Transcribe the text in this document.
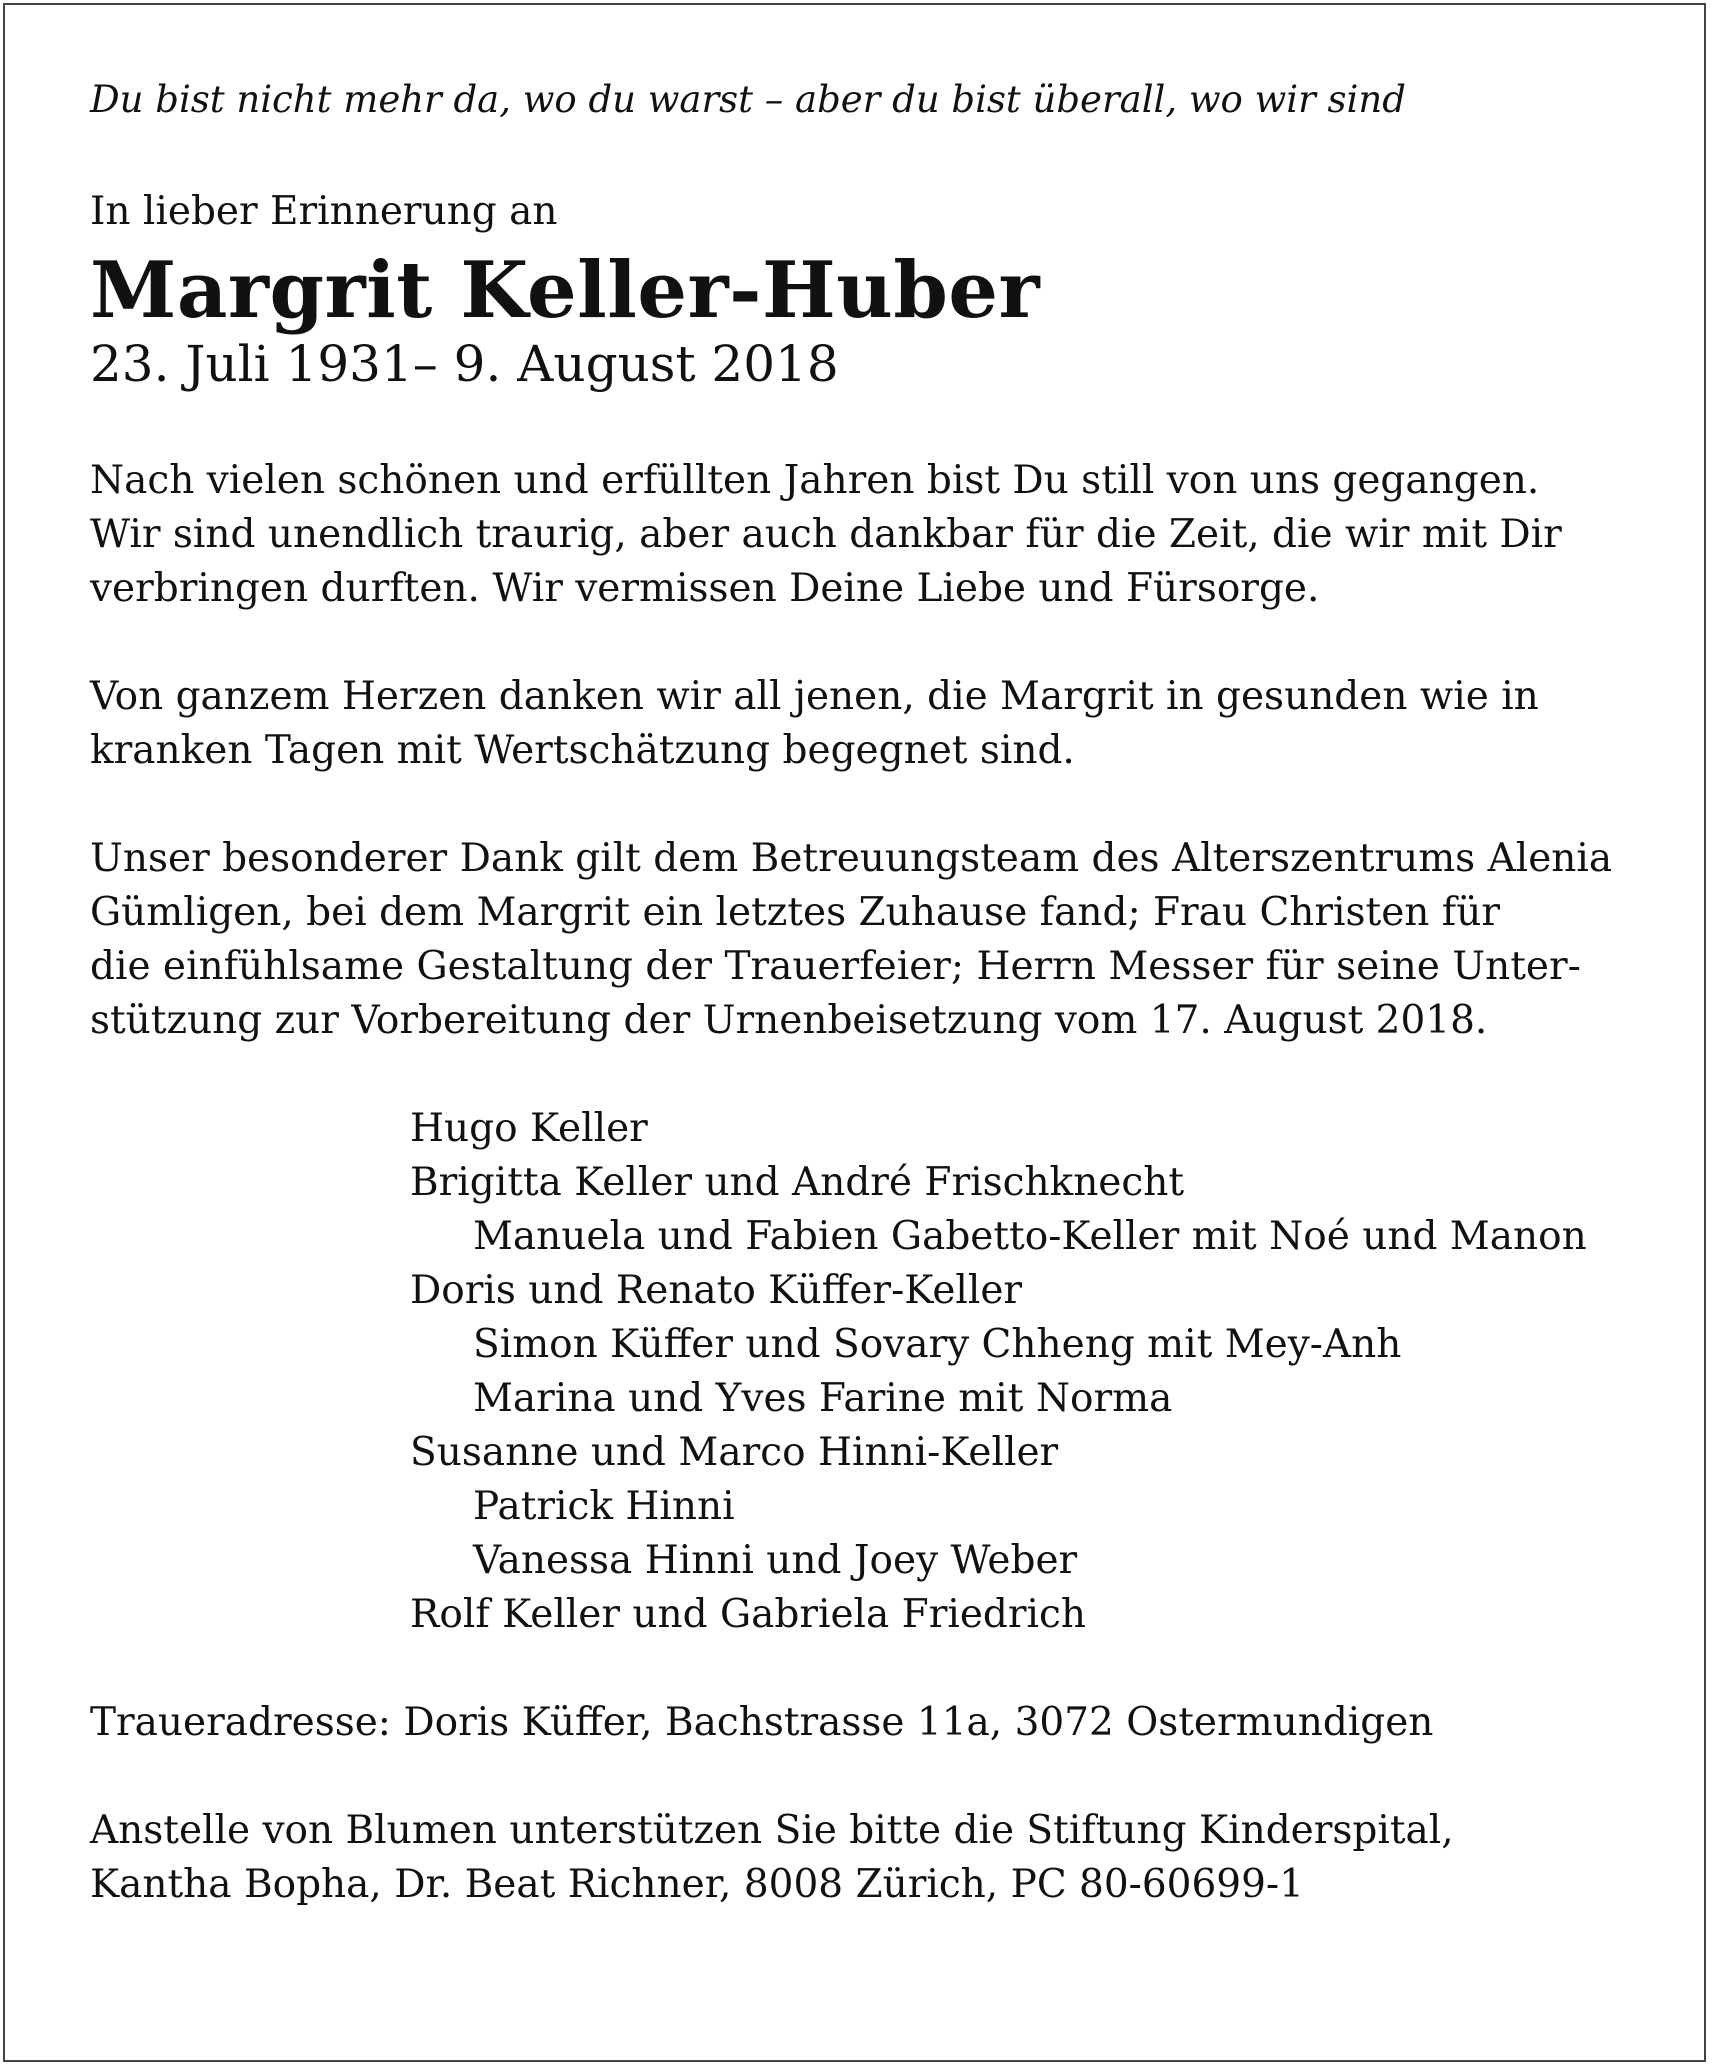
Du bist nicht mehr da, wo du warst – aber du bist überall, wo wir sind

In lieber Erinnerung an

Margrit Keller-Huber

23. Juli 1931– 9. August 2018

Nach vielen schönen und erfüllten Jahren bist Du still von uns gegangen.
Wir sind unendlich traurig, aber auch dankbar für die Zeit, die wir mit Dir
verbringen durften. Wir vermissen Deine Liebe und Fürsorge.

Von ganzem Herzen danken wir all jenen, die Margrit in gesunden wie in
kranken Tagen mit Wertschätzung begegnet sind.

Unser besonderer Dank gilt dem Betreuungsteam des Alterszentrums Alenia
Gümligen, bei dem Margrit ein letztes Zuhause fand; Frau Christen für
die einfühlsame Gestaltung der Trauerfeier; Herrn Messer für seine Unter-
stützung zur Vorbereitung der Urnenbeisetzung vom 17. August 2018.

Hugo Keller
Brigitta Keller und André Frischknecht
Manuela und Fabien Gabetto-Keller mit Noé und Manon
Doris und Renato Küffer-Keller
Simon Küffer und Sovary Chheng mit Mey-Anh
Marina und Yves Farine mit Norma
Susanne und Marco Hinni-Keller
Patrick Hinni
Vanessa Hinni und Joey Weber
Rolf Keller und Gabriela Friedrich

Traueradresse: Doris Küffer, Bachstrasse 11a, 3072 Ostermundigen

Anstelle von Blumen unterstützen Sie bitte die Stiftung Kinderspital,
Kantha Bopha, Dr. Beat Richner, 8008 Zürich, PC 80-60699-1
